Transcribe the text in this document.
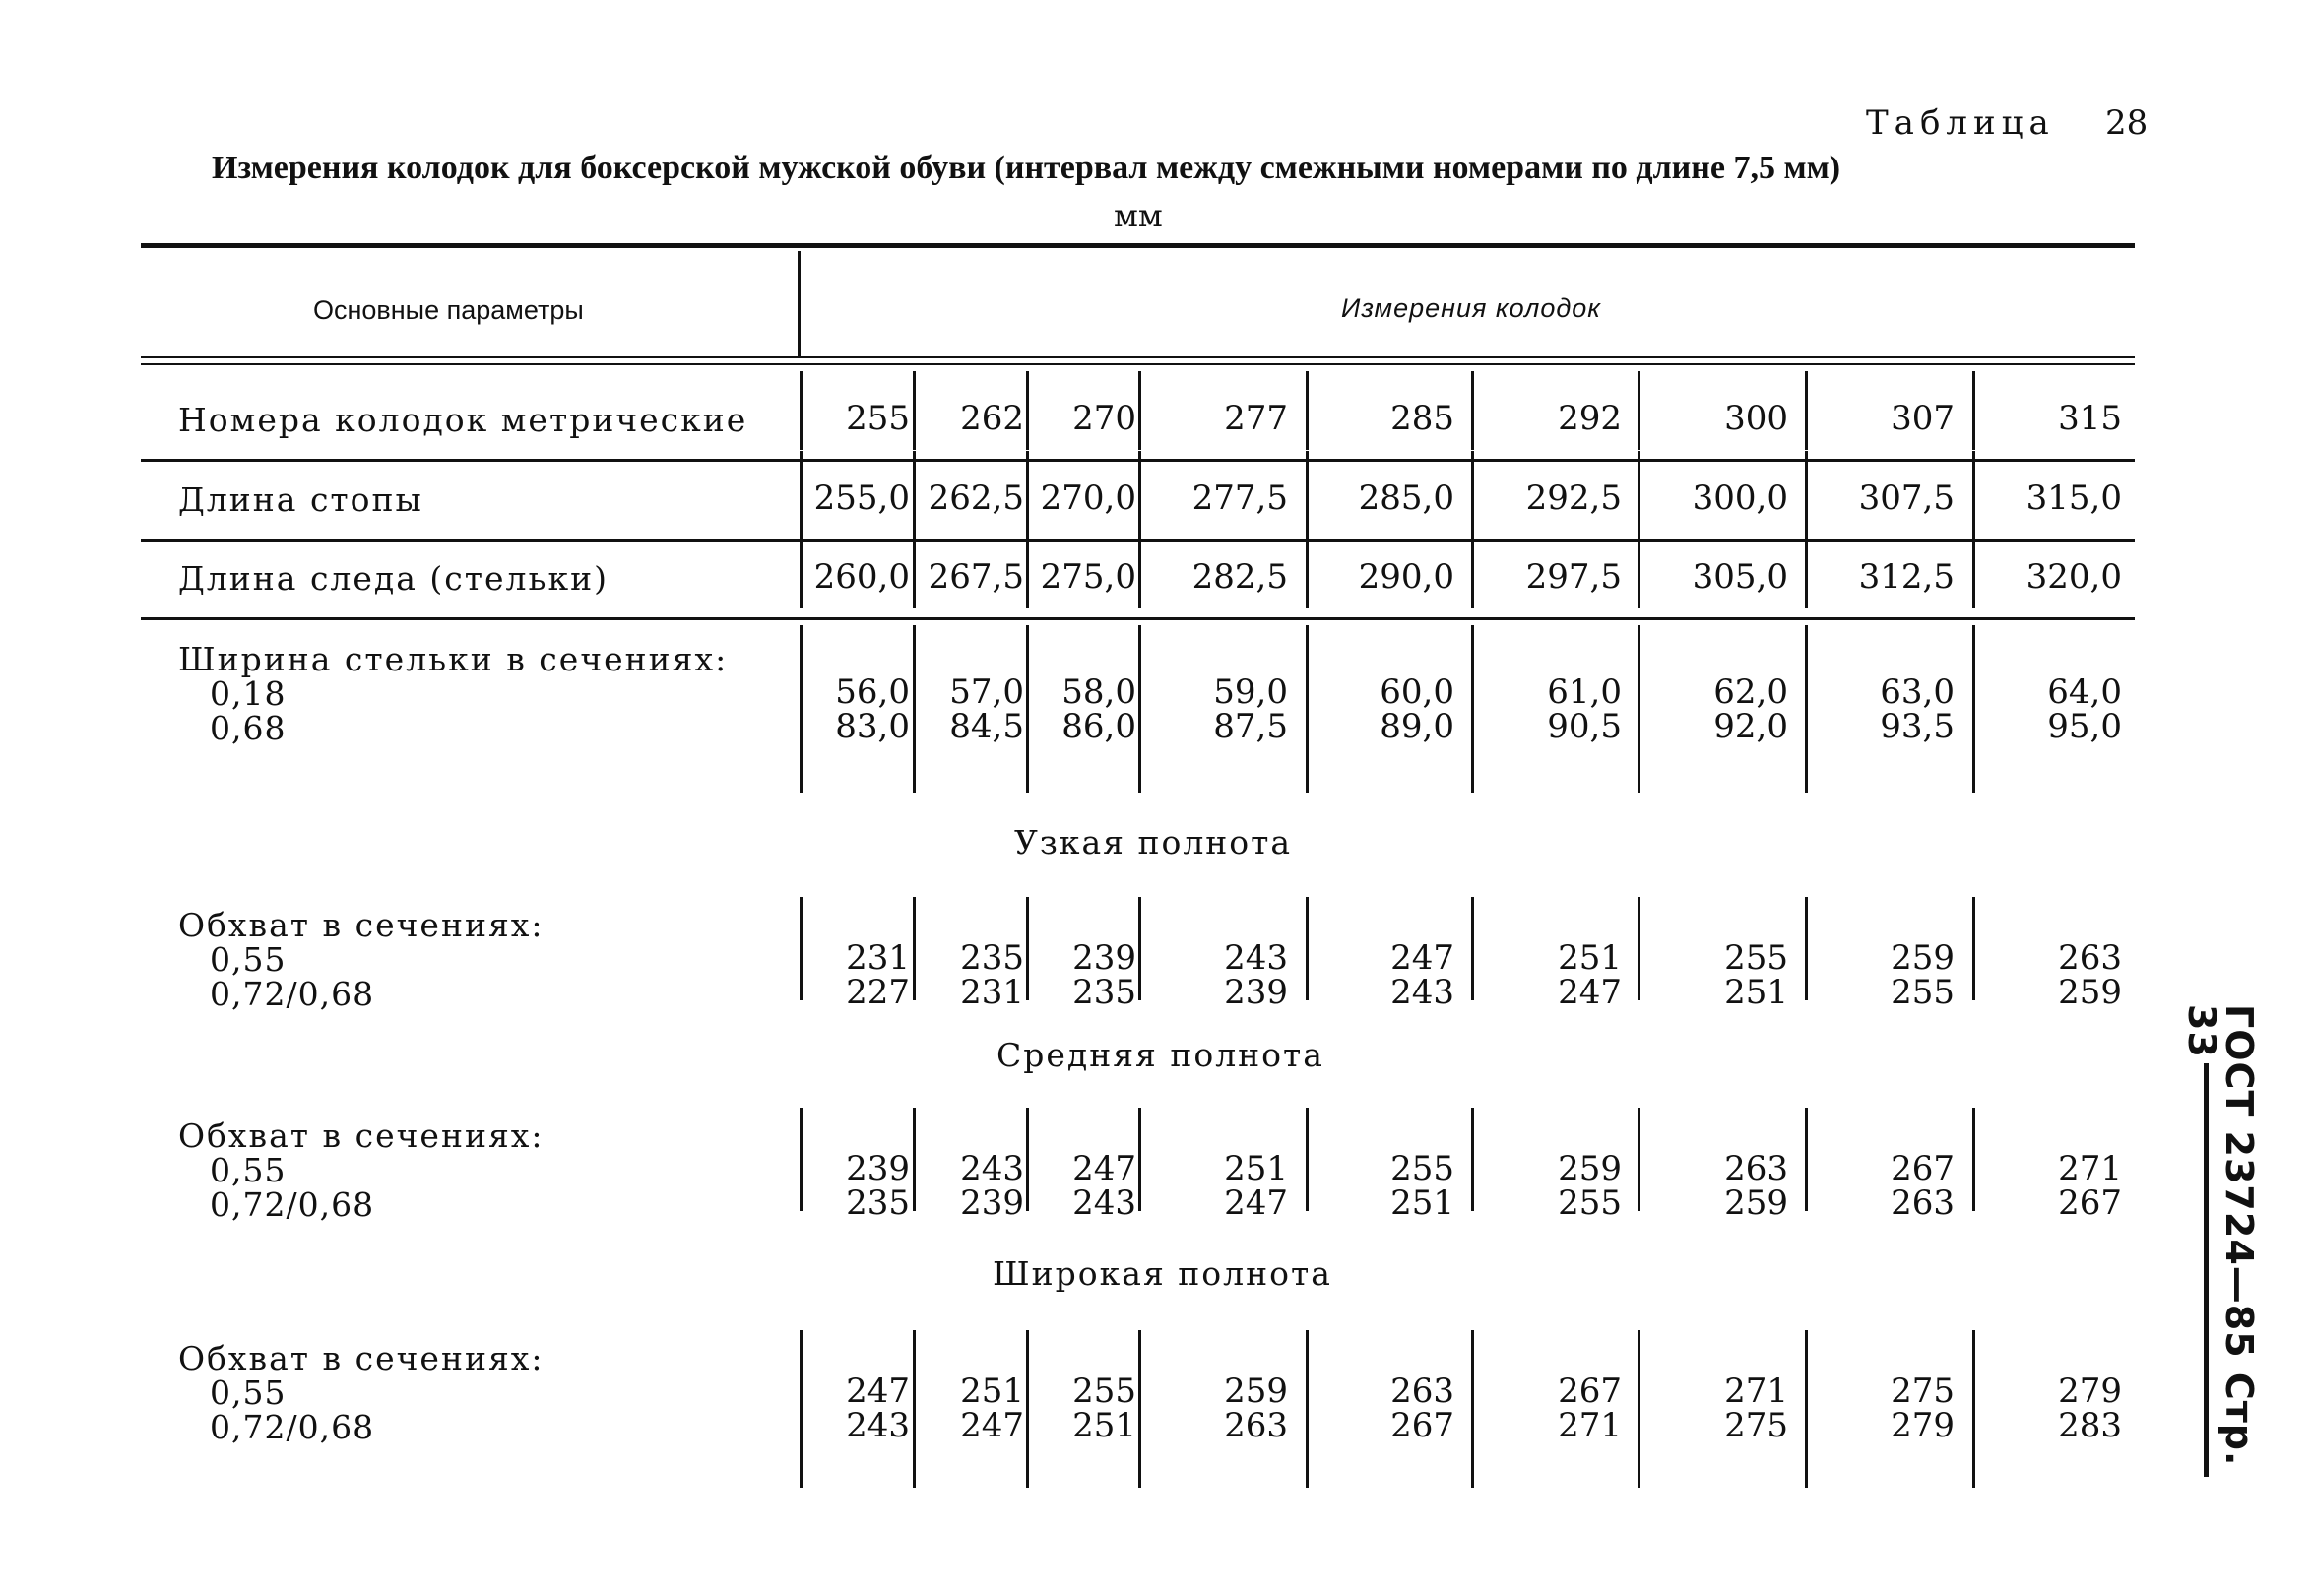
Таблица 28
Измерения колодок для боксерской мужской обуви (интервал между смежными номерами по длине 7,5 мм)
мм
Основные параметры	Измерения колодок
Номера колодок метрические	255	262	270	277	285	292	300	307	315
Длина стопы	255,0 262,5 270,0	277,5	285,0	292,5	300,0	307,5	315,0
Длина следа (стельки)	260,0 267,5 275,0	282,5	290,0	297,5	305,0	312,5	320,0
Ширина стельки в сечениях:
0,18
0,68
56,0	57,0	58,0	59,0	60,0	61,0	62,0	63,0	64,0
83,0	84,5	86,0	87,5	89,0	90,5	92,0	93,5	95,0
Узкая полнота
Обхват в сечениях:
0,55
0,72/0,68
231	235	239	243	247	251	255	259	263
227	231	235	239	243	247	251	255	259
Средняя полнота
Обхват в сечениях:
0,55
0,72/0,68
239	243	247	251	255	259	263	267	271
235	239	243	247	251	255	259	263	267
Широкая полнота
Обхват в сечениях:
0,55
0,72/0,68
247	251	255	259	263	267	271	275	279
243	247	251	263	267	271	275	279	283	ГОСТ 23724—85 Стр. 33
